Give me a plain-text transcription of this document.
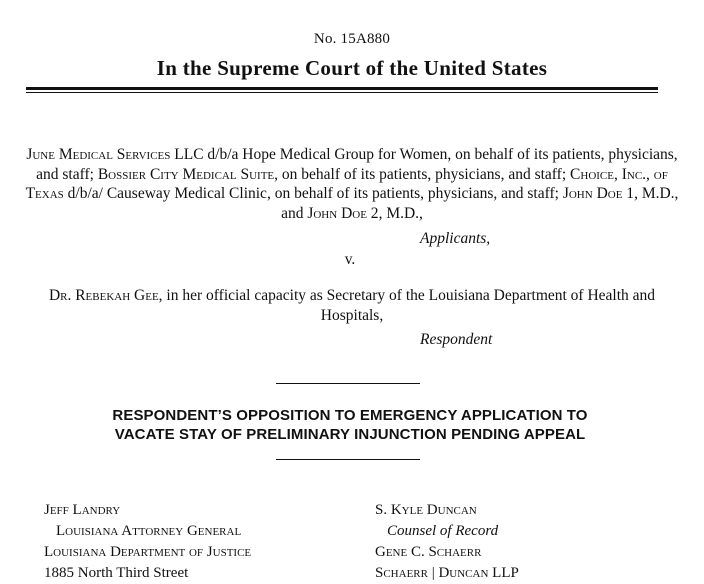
No. 15A880
In the Supreme Court of the United States
June Medical Services LLC d/b/a Hope Medical Group for Women, on behalf of its patients, physicians, and staff; Bossier City Medical Suite, on behalf of its patients, physicians, and staff; Choice, Inc., of Texas d/b/a/ Causeway Medical Clinic, on behalf of its patients, physicians, and staff; John Doe 1, M.D., and John Doe 2, M.D.,
Applicants,
v.
Dr. Rebekah Gee, in her official capacity as Secretary of the Louisiana Department of Health and Hospitals,
Respondent
RESPONDENT’S OPPOSITION TO EMERGENCY APPLICATION TO
VACATE STAY OF PRELIMINARY INJUNCTION PENDING APPEAL
Jeff Landry
Louisiana Attorney General
Louisiana Department of Justice
1885 North Third Street
S. Kyle Duncan
Counsel of Record
Gene C. Schaerr
Schaerr | Duncan LLP
